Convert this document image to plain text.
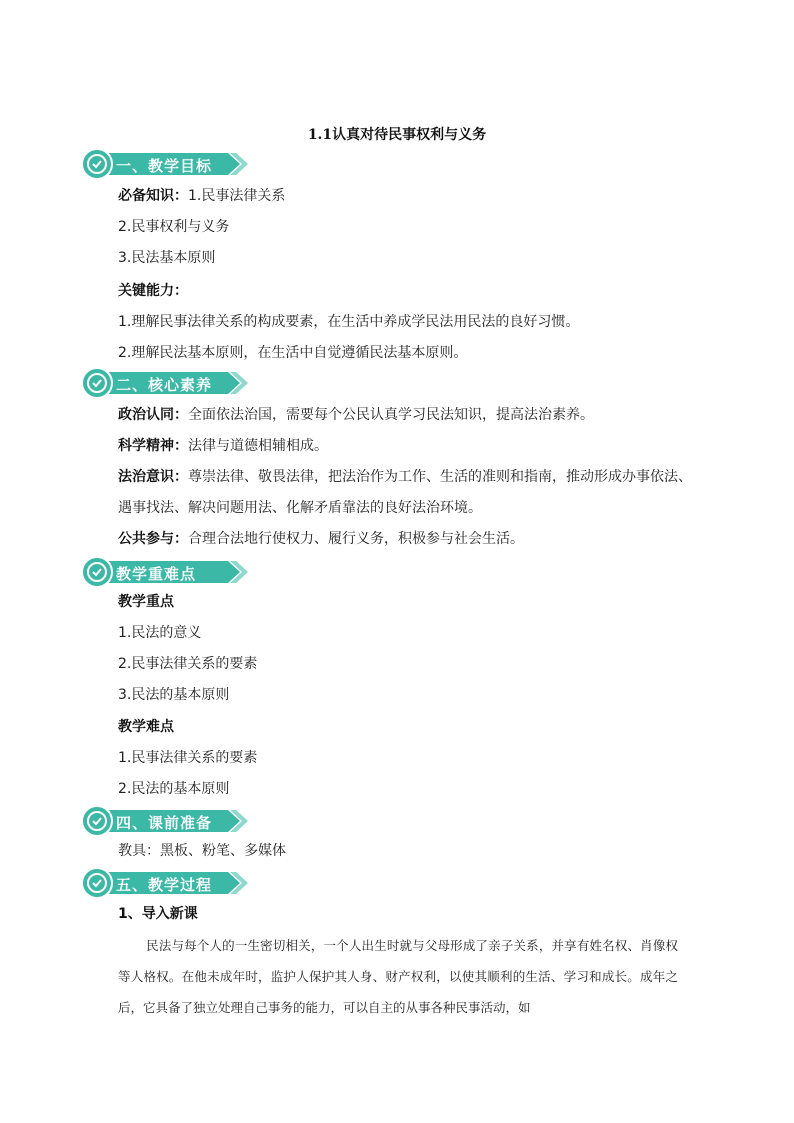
1.1认真对待民事权利与义务
一、教学目标
二、核心素养
教学重难点
四、课前准备
五、教学过程
必备知识：1.民事法律关系
2.民事权利与义务
3.民法基本原则
关键能力：
1.理解民事法律关系的构成要素，在生活中养成学民法用民法的良好习惯。
2.理解民法基本原则，在生活中自觉遵循民法基本原则。
政治认同：全面依法治国，需要每个公民认真学习民法知识，提高法治素养。
科学精神：法律与道德相辅相成。
法治意识：尊崇法律、敬畏法律，把法治作为工作、生活的准则和指南，推动形成办事依法、
遇事找法、解决问题用法、化解矛盾靠法的良好法治环境。
公共参与：合理合法地行使权力、履行义务，积极参与社会生活。
教学重点
1.民法的意义
2.民事法律关系的要素
3.民法的基本原则
教学难点
1.民事法律关系的要素
2.民法的基本原则
教具：黑板、粉笔、多媒体
1、导入新课
民法与每个人的一生密切相关，一个人出生时就与父母形成了亲子关系，并享有姓名权、肖像权等人格权。在他未成年时，监护人保护其人身、财产权利，以使其顺利的生活、学习和成长。成年之后，它具备了独立处理自己事务的能力，可以自主的从事各种民事活动，如
